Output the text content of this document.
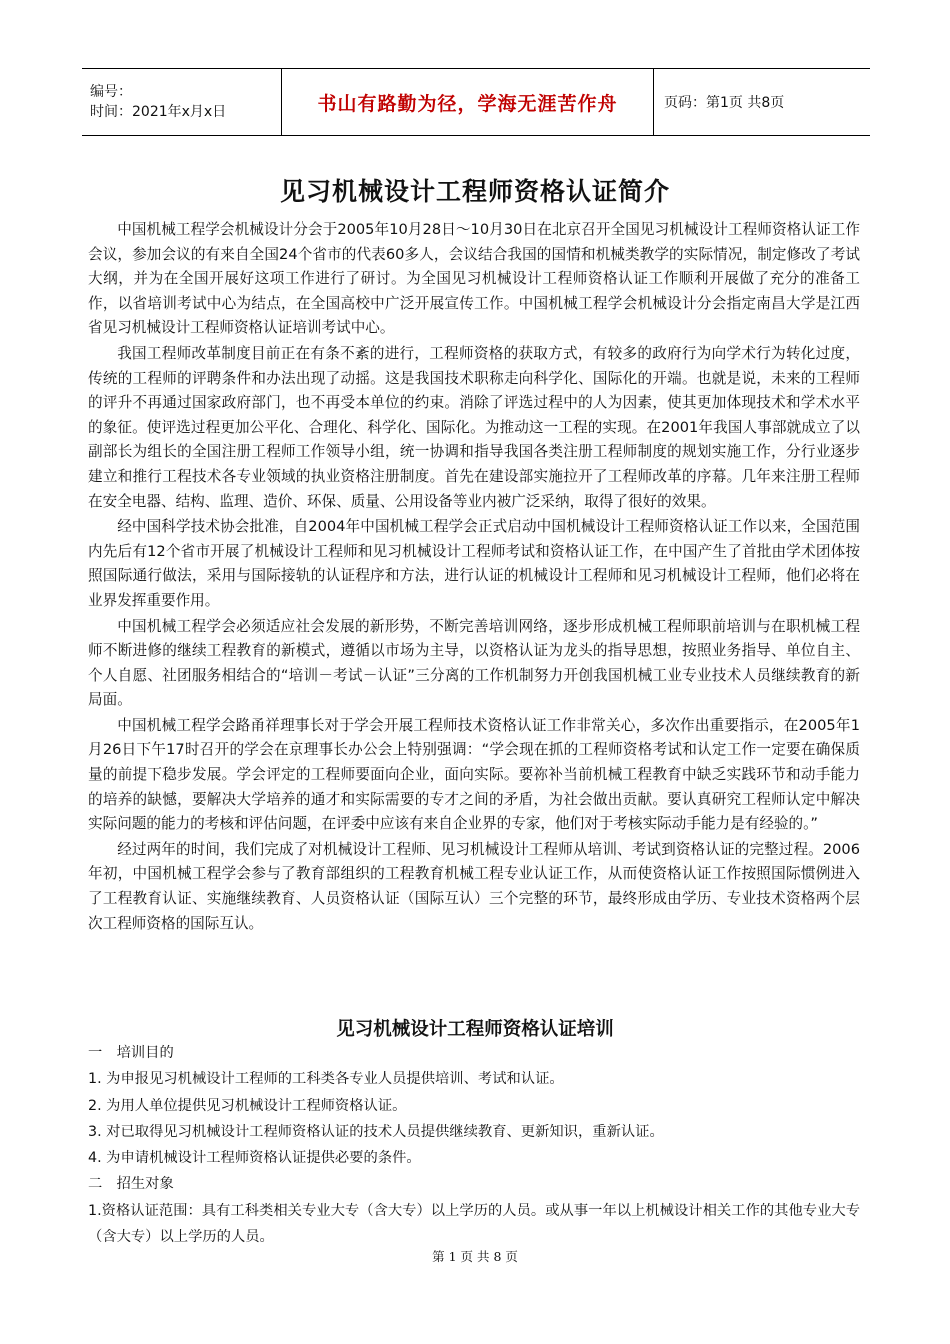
编号：
时间：2021年x月x日	书山有路勤为径，学海无涯苦作舟	页码：第1页 共8页
见习机械设计工程师资格认证简介

中国机械工程学会机械设计分会于2005年10月28日～10月30日在北京召开全国见习机械设计工程师资格认证工作会议，参加会议的有来自全国24个省市的代表60多人，会议结合我国的国情和机械类教学的实际情况，制定修改了考试大纲，并为在全国开展好这项工作进行了研讨。为全国见习机械设计工程师资格认证工作顺利开展做了充分的准备工作，以省培训考试中心为结点，在全国高校中广泛开展宣传工作。中国机械工程学会机械设计分会指定南昌大学是江西省见习机械设计工程师资格认证培训考试中心。

我国工程师改革制度目前正在有条不紊的进行，工程师资格的获取方式，有较多的政府行为向学术行为转化过度，传统的工程师的评聘条件和办法出现了动摇。这是我国技术职称走向科学化、国际化的开端。也就是说，未来的工程师的评升不再通过国家政府部门，也不再受本单位的约束。消除了评选过程中的人为因素，使其更加体现技术和学术水平的象征。使评选过程更加公平化、合理化、科学化、国际化。为推动这一工程的实现。在2001年我国人事部就成立了以副部长为组长的全国注册工程师工作领导小组，统一协调和指导我国各类注册工程师制度的规划实施工作，分行业逐步建立和推行工程技术各专业领域的执业资格注册制度。首先在建设部实施拉开了工程师改革的序幕。几年来注册工程师在安全电器、结构、监理、造价、环保、质量、公用设备等业内被广泛采纳，取得了很好的效果。

经中国科学技术协会批准，自2004年中国机械工程学会正式启动中国机械设计工程师资格认证工作以来，全国范围内先后有12个省市开展了机械设计工程师和见习机械设计工程师考试和资格认证工作，在中国产生了首批由学术团体按照国际通行做法，采用与国际接轨的认证程序和方法，进行认证的机械设计工程师和见习机械设计工程师，他们必将在业界发挥重要作用。

中国机械工程学会必须适应社会发展的新形势，不断完善培训网络，逐步形成机械工程师职前培训与在职机械工程师不断进修的继续工程教育的新模式，遵循以市场为主导，以资格认证为龙头的指导思想，按照业务指导、单位自主、个人自愿、社团服务相结合的“培训－考试－认证”三分离的工作机制努力开创我国机械工业专业技术人员继续教育的新局面。

中国机械工程学会路甬祥理事长对于学会开展工程师技术资格认证工作非常关心，多次作出重要指示，在2005年1月26日下午17时召开的学会在京理事长办公会上特别强调：“学会现在抓的工程师资格考试和认定工作一定要在确保质量的前提下稳步发展。学会评定的工程师要面向企业，面向实际。要祢补当前机械工程教育中缺乏实践环节和动手能力的培养的缺憾，要解决大学培养的通才和实际需要的专才之间的矛盾，为社会做出贡献。要认真研究工程师认定中解决实际问题的能力的考核和评估问题，在评委中应该有来自企业界的专家，他们对于考核实际动手能力是有经验的。”

经过两年的时间，我们完成了对机械设计工程师、见习机械设计工程师从培训、考试到资格认证的完整过程。2006年初，中国机械工程学会参与了教育部组织的工程教育机械工程专业认证工作，从而使资格认证工作按照国际惯例进入了工程教育认证、实施继续教育、人员资格认证（国际互认）三个完整的环节，最终形成由学历、专业技术资格两个层次工程师资格的国际互认。

见习机械设计工程师资格认证培训
一　培训目的
1. 为申报见习机械设计工程师的工科类各专业人员提供培训、考试和认证。
2. 为用人单位提供见习机械设计工程师资格认证。
3. 对已取得见习机械设计工程师资格认证的技术人员提供继续教育、更新知识，重新认证。
4. 为申请机械设计工程师资格认证提供必要的条件。
二　招生对象
1.资格认证范围：具有工科类相关专业大专（含大专）以上学历的人员。或从事一年以上机械设计相关工作的其他专业大专（含大专）以上学历的人员。
第 1 页 共 8 页
